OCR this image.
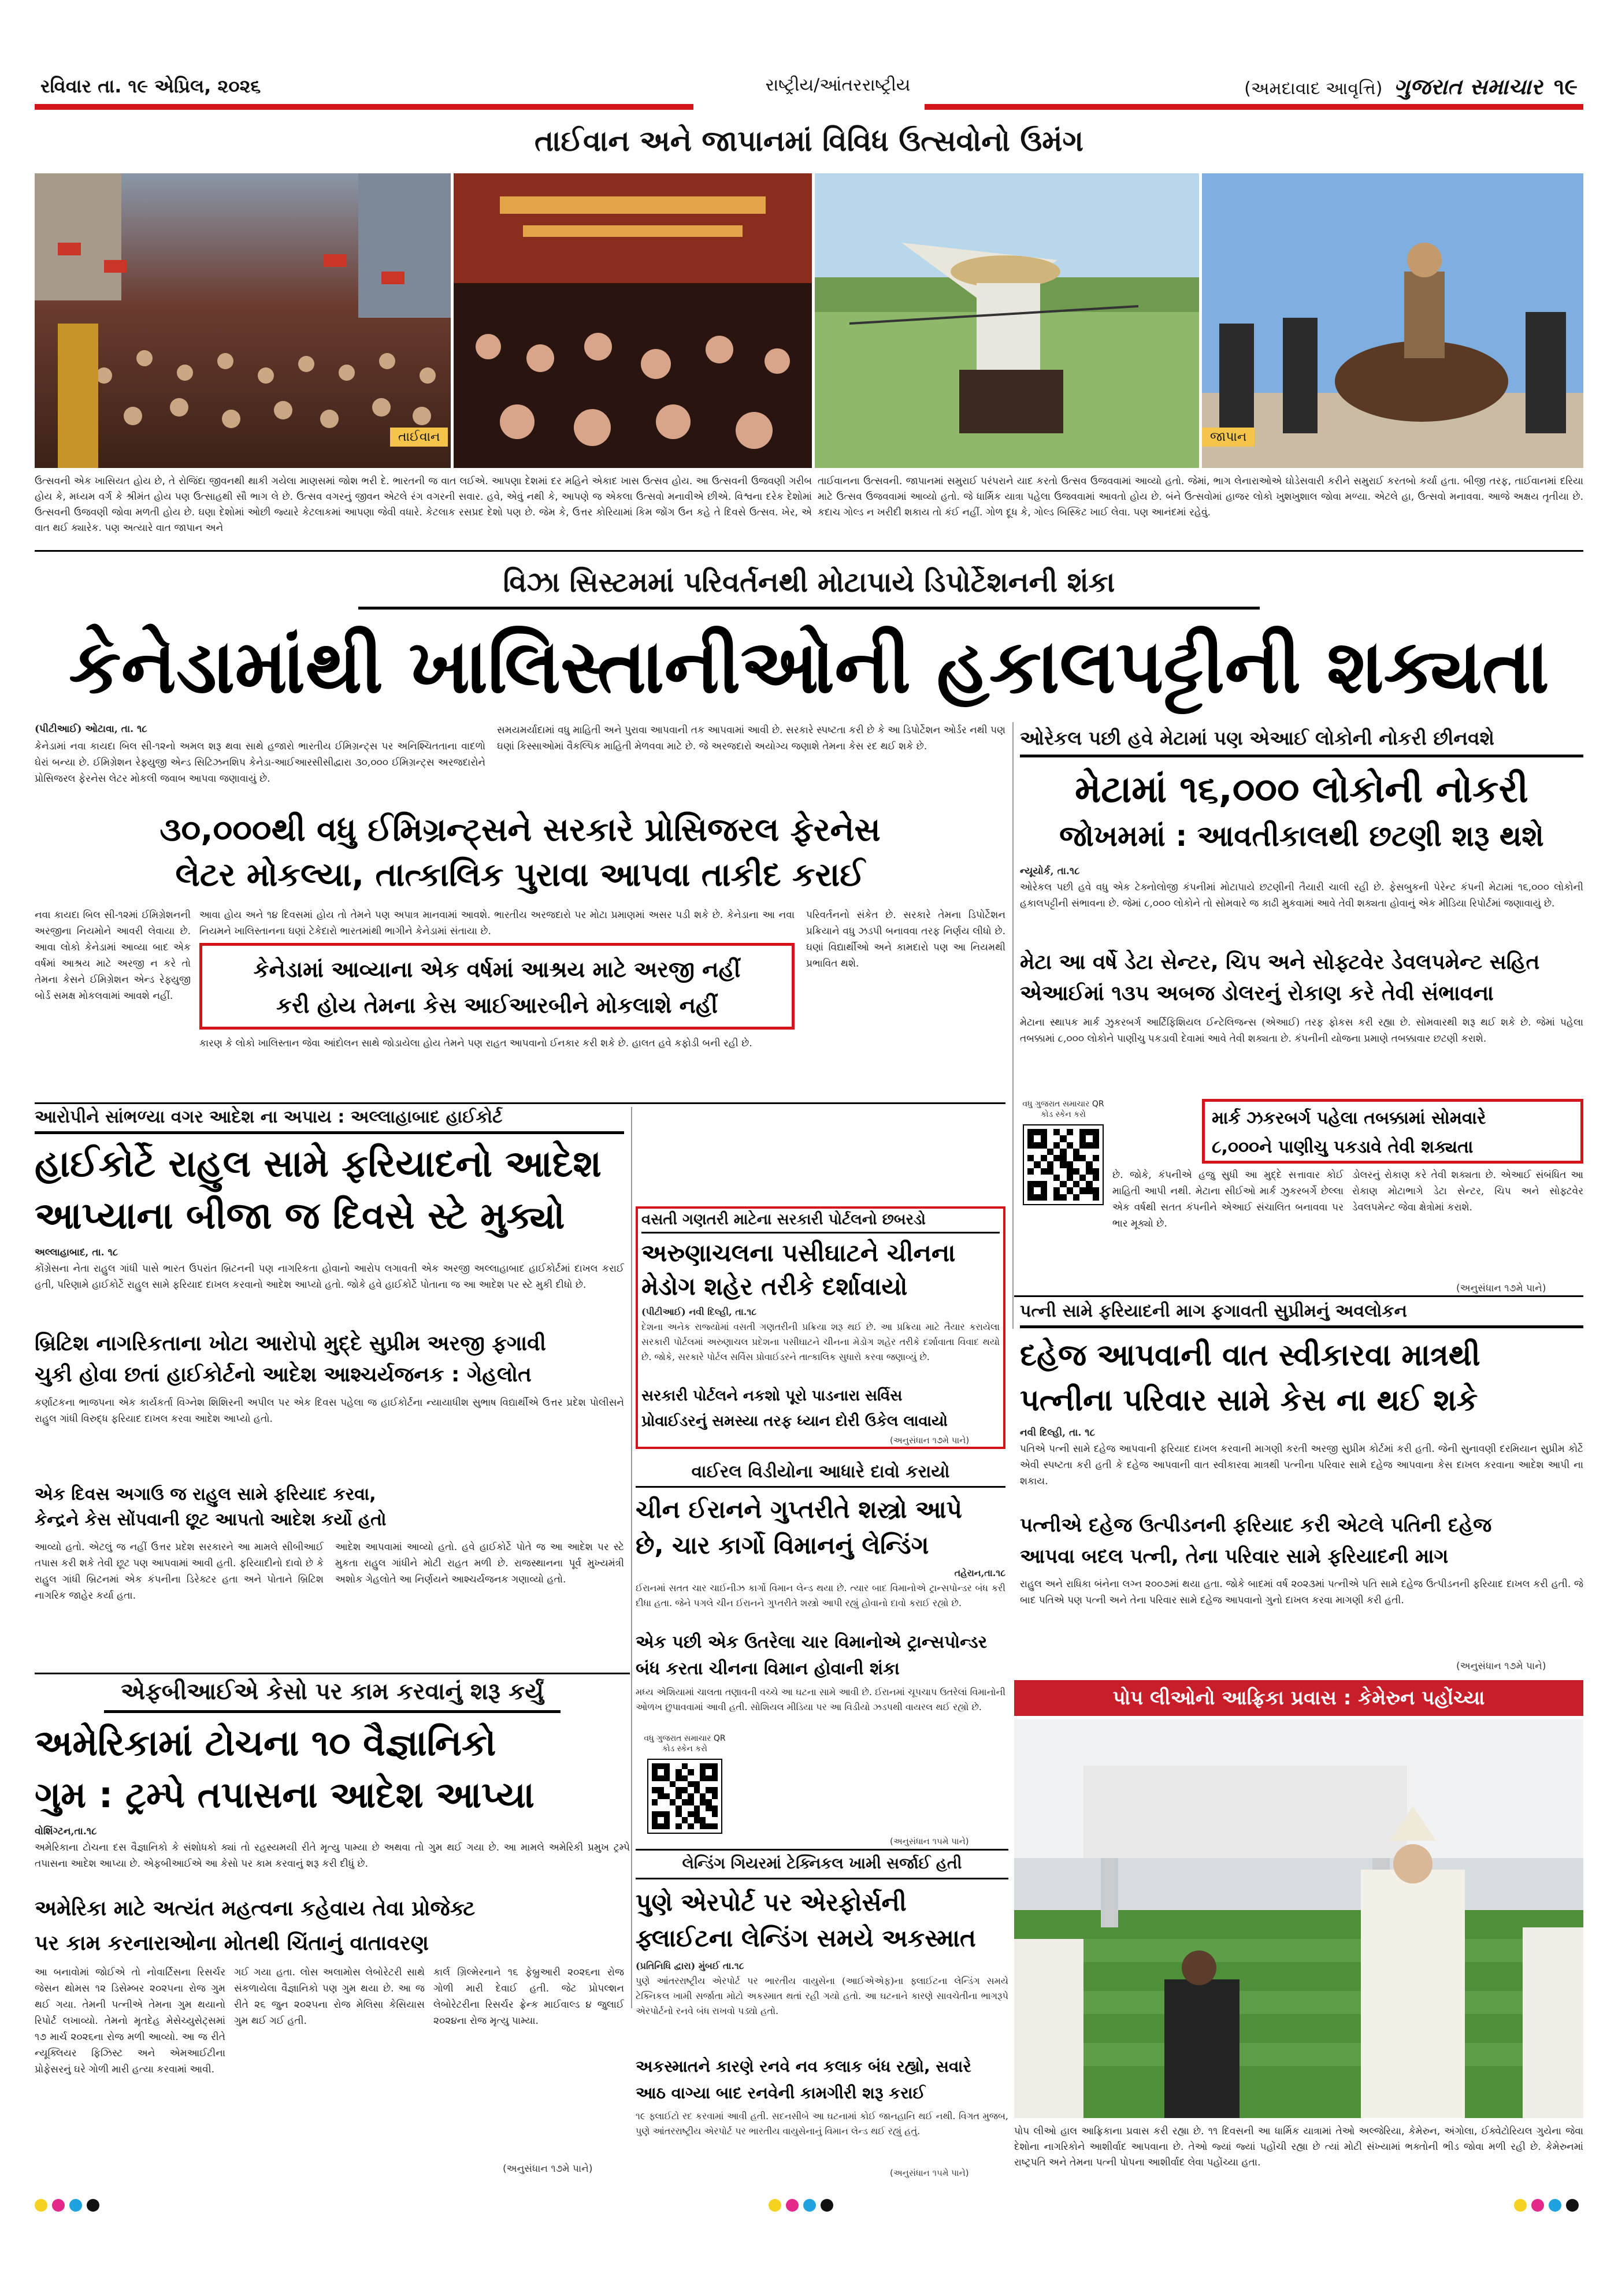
રવિવાર તા. ૧૯ એપ્રિલ, ૨૦૨૬	રાષ્ટ્રીય/આંતરરાષ્ટ્રીય	(અમદાવાદ આવૃત્તિ) ગુજરાત સમાચાર ૧૯
તાઈવાન અને જાપાનમાં વિવિધ ઉત્સવોનો ઉમંગ
તાઈવાન	જાપાન
ઉત્સવની એક ખાસિયત હોય છે, તે રોજિંદા જીવનથી થાકી ગયેલા માણસમાં જોશ ભરી દે. ભારતની જ વાત લઈએ. આપણા દેશમાં દર મહિને એકાદ ખાસ ઉત્સવ હોય. આ ઉત્સવની ઉજવણી ગરીબ હોય કે, મધ્યમ વર્ગ કે શ્રીમંત હોય પણ ઉત્સાહથી સૌ ભાગ લે છે. ઉત્સવ વગરનું જીવન એટલે રંગ વગરની સવાર. હવે, એવું નથી કે, આપણે જ એકલા ઉત્સવો મનાવીએ છીએ. વિશ્વના દરેક દેશોમાં ઉત્સવની ઉજવણી જોવા મળતી હોય છે. ઘણા દેશોમાં ઓછી જ્યારે કેટલાકમાં આપણા જેવી વધારે. કેટલાક રસપ્રદ દેશો પણ છે. જેમ કે, ઉત્તર કોરિયામાં કિમ જોંગ ઉન કહે તે દિવસે ઉત્સવ. ખેર, એ વાત થઈ ક્યારેક. પણ અત્યારે વાત જાપાન અને
તાઈવાનના ઉત્સવની. જાપાનમાં સમુરાઈ પરંપરાને યાદ કરતો ઉત્સવ ઉજવવામાં આવ્યો હતો. જેમાં, ભાગ લેનારાઓએ ઘોડેસવારી કરીને સમુરાઈ કરતબો કર્યા હતા. બીજી તરફ, તાઈવાનમાં દરિયા માટે ઉત્સવ ઉજવવામાં આવ્યો હતો. જે ધાર્મિક યાત્રા પહેલા ઉજવવામાં આવતો હોય છે. બંને ઉત્સવોમાં હાજર લોકો ખુશખુશાલ જોવા મળ્યા. એટલે હા, ઉત્સવો મનાવવા. આજે અક્ષય તૃતીયા છે. કદાચ ગોલ્ડ ન ખરીદી શકાય તો કંઈ નહીં. ગોળ દૂધ કે, ગોલ્ડ બિસ્કિટ ખાઈ લેવા. પણ આનંદમાં રહેવું.
વિઝા સિસ્ટમમાં પરિવર્તનથી મોટાપાયે ડિપોર્ટેશનની શંકા
કેનેડામાંથી ખાલિસ્તાનીઓની હકાલપટ્ટીની શક્યતા
(પીટીઆઈ) ઓટાવા, તા. ૧૮
કેનેડામાં નવા કાયદા બિલ સી-૧૨નો અમલ શરૂ થવા સાથે હજારો ભારતીય ઈમિગ્રન્ટ્સ પર અનિશ્ચિતતાના વાદળો ઘેરાં બન્યા છે. ઈમિગ્રેશન રેફ્યુજી એન્ડ સિટિઝનશિપ કેનેડા-આઈઆરસીસીદ્વારા ૩૦,૦૦૦ ઈમિગ્રન્ટ્સ અરજદારોને પ્રોસિજરલ ફેરનેસ લેટર મોકલી જવાબ આપવા જણાવાયું છે.
સમયમર્યાદામાં વધુ માહિતી અને પુરાવા આપવાની તક આપવામાં આવી છે. સરકારે સ્પષ્ટતા કરી છે કે આ ડિપોર્ટેશન ઓર્ડર નથી પણ ઘણાં કિસ્સાઓમાં વૈકલ્પિક માહિતી મેળવવા માટે છે. જે અરજદારો અયોગ્ય જણાશે તેમના કેસ રદ થઈ શકે છે.
૩૦,૦૦૦થી વધુ ઈમિગ્રન્ટ્સને સરકારે પ્રોસિજરલ ફેરનેસ
લેટર મોકલ્યા, તાત્કાલિક પુરાવા આપવા તાકીદ કરાઈ
નવા કાયદા બિલ સી-૧૨માં ઈમિગ્રેશનની અરજીના નિયમોને આવરી લેવાયા છે. આવા લોકો કેનેડામાં આવ્યા બાદ એક વર્ષમાં આશ્રય માટે અરજી ન કરે તો તેમના કેસને ઈમિગ્રેશન એન્ડ રેફ્યુજી બોર્ડ સમક્ષ મોકલવામાં આવશે નહીં.
આવા હોય અને ૧૪ દિવસમાં હોય તો તેમને પણ અપાત્ર માનવામાં આવશે. ભારતીય અરજદારો પર મોટા પ્રમાણમાં અસર પડી શકે છે. કેનેડાના આ નવા નિયમને ખાલિસ્તાનના ઘણાં ટેકેદારો ભારતમાંથી ભાગીને કેનેડામાં સંતાયા છે.
પરિવર્તનનો સંકેત છે. સરકારે તેમના ડિપોર્ટેશન પ્રક્રિયાને વધુ ઝડપી બનાવવા તરફ નિર્ણય લીધો છે. ઘણાં વિદ્યાર્થીઓ અને કામદારો પણ આ નિયમથી પ્રભાવિત થશે.
કેનેડામાં આવ્યાના એક વર્ષમાં આશ્રય માટે અરજી નહીં
કરી હોય તેમના કેસ આઈઆરબીને મોકલાશે નહીં
કારણ કે લોકો ખાલિસ્તાન જેવા આંદોલન સાથે જોડાયેલા હોય તેમને પણ રાહત આપવાનો ઈનકાર કરી શકે છે. હાલત હવે કફોડી બની રહી છે.
ઓરેકલ પછી હવે મેટામાં પણ એઆઈ લોકોની નોકરી છીનવશે
મેટામાં ૧૬,૦૦૦ લોકોની નોકરી
જોખમમાં : આવતીકાલથી છટણી શરૂ થશે
ન્યૂયોર્ક, તા.૧૮
ઓરેકલ પછી હવે વધુ એક ટેક્નોલોજી કંપનીમાં મોટાપાયે છટણીની તૈયારી ચાલી રહી છે. ફેસબુકની પેરેન્ટ કંપની મેટામાં ૧૬,૦૦૦ લોકોની હકાલપટ્ટીની સંભાવના છે. જેમાં ૮,૦૦૦ લોકોને તો સોમવારે જ કાઢી મુકવામાં આવે તેવી શક્યતા હોવાનું એક મીડિયા રિપોર્ટમાં જણાવાયું છે.
મેટા આ વર્ષે ડેટા સેન્ટર, ચિપ અને સોફ્ટવેર ડેવલપમેન્ટ સહિત
એઆઈમાં ૧૩૫ અબજ ડોલરનું રોકાણ કરે તેવી સંભાવના
મેટાના સ્થાપક માર્ક ઝુકરબર્ગ આર્ટિફિશિયલ ઈન્ટેલિજન્સ (એઆઈ) તરફ ફોકસ કરી રહ્યા છે. સોમવારથી શરૂ થઈ શકે છે. જેમાં પહેલા તબક્કામાં ૮,૦૦૦ લોકોને પાણીચુ પકડાવી દેવામાં આવે તેવી શક્યતા છે. કંપનીની યોજના પ્રમાણે તબક્કાવાર છટણી કરાશે.
વધુ ગુજરાત સમાચાર QR કોડ સ્કેન કરો	માર્ક ઝકરબર્ગ પહેલા તબક્કામાં સોમવારે
૮,૦૦૦ને પાણીચુ પકડાવે તેવી શક્યતા
છે. જોકે, કંપનીએ હજુ સુધી આ મુદ્દે સત્તાવાર કોઈ માહિતી આપી નથી. મેટાના સીઈઓ માર્ક ઝુકરબર્ગે છેલ્લા એક વર્ષથી સતત કંપનીને એઆઈ સંચાલિત બનાવવા પર ભાર મૂક્યો છે.
ડોલરનું રોકાણ કરે તેવી શક્યતા છે. એઆઈ સંબંધિત આ રોકાણ મોટાભાગે ડેટા સેન્ટર, ચિપ અને સોફ્ટવેર ડેવલપમેન્ટ જેવા ક્ષેત્રોમાં કરાશે.
(અનુસંધાન ૧૭મે પાને)
આરોપીને સાંભળ્યા વગર આદેશ ના અપાય : અલ્લાહાબાદ હાઈકોર્ટ
હાઈકોર્ટે રાહુલ સામે ફરિયાદનો આદેશ
આપ્યાના બીજા જ દિવસે સ્ટે મુક્યો
અલ્લાહાબાદ, તા. ૧૮
કોંગ્રેસના નેતા રાહુલ ગાંધી પાસે ભારત ઉપરાંત બ્રિટનની પણ નાગરિકતા હોવાનો આરોપ લગાવતી એક અરજી અલ્લાહાબાદ હાઈકોર્ટમાં દાખલ કરાઈ હતી, પરિણામે હાઈકોર્ટે રાહુલ સામે ફરિયાદ દાખલ કરવાનો આદેશ આપ્યો હતો. જોકે હવે હાઈકોર્ટે પોતાના જ આ આદેશ પર સ્ટે મુકી દીધો છે.
બ્રિટિશ નાગરિકતાના ખોટા આરોપો મુદ્દે સુપ્રીમ અરજી ફગાવી
ચુકી હોવા છતાં હાઈકોર્ટનો આદેશ આશ્ચર્યજનક : ગેહલોત
કર્ણાટકના ભાજપના એક કાર્યકર્તા વિગ્નેશ શિશિરની અપીલ પર એક દિવસ પહેલા જ હાઈકોર્ટના ન્યાયાધીશ સુભાષ વિદ્યાર્થીએ ઉત્તર પ્રદેશ પોલીસને રાહુલ ગાંધી વિરુદ્ધ ફરિયાદ દાખલ કરવા આદેશ આપ્યો હતો.
એક દિવસ અગાઉ જ રાહુલ સામે ફરિયાદ કરવા,
કેન્દ્રને કેસ સોંપવાની છૂટ આપતો આદેશ કર્યો હતો
આવ્યો હતો. એટલું જ નહીં ઉત્તર પ્રદેશ સરકારને આ મામલે સીબીઆઈ તપાસ કરી શકે તેવી છૂટ પણ આપવામાં આવી હતી. ફરિયાદીનો દાવો છે કે રાહુલ ગાંધી બ્રિટનમાં એક કંપનીના ડિરેક્ટર હતા અને પોતાને બ્રિટિશ નાગરિક જાહેર કર્યા હતા.
આદેશ આપવામાં આવ્યો હતો. હવે હાઈકોર્ટે પોતે જ આ આદેશ પર સ્ટે મુકતા રાહુલ ગાંધીને મોટી રાહત મળી છે. રાજસ્થાનના પૂર્વ મુખ્યમંત્રી અશોક ગેહલોતે આ નિર્ણયને આશ્ચર્યજનક ગણાવ્યો હતો.
વસતી ગણતરી માટેના સરકારી પોર્ટલનો છબરડો
અરુણાચલના પસીઘાટને ચીનના
મેડોગ શહેર તરીકે દર્શાવાયો
(પીટીઆઈ) નવી દિલ્હી, તા.૧૮
દેશના અનેક રાજ્યોમાં વસતી ગણતરીની પ્રક્રિયા શરૂ થઈ છે. આ પ્રક્રિયા માટે તૈયાર કરાયેલા સરકારી પોર્ટલમાં અરુણાચલ પ્રદેશના પસીઘાટને ચીનના મેડોગ શહેર તરીકે દર્શાવાતા વિવાદ થયો છે. જોકે, સરકારે પોર્ટલ સર્વિસ પ્રોવાઈડરને તાત્કાલિક સુધારો કરવા જણાવ્યું છે.
સરકારી પોર્ટલને નકશો પૂરો પાડનારા સર્વિસ
પ્રોવાઈડરનું સમસ્યા તરફ ધ્યાન દોરી ઉકેલ લાવાયો
(અનુસંધાન ૧૭મે પાને)
વાઈરલ વિડીયોના આધારે દાવો કરાયો
ચીન ઈરાનને ગુપ્તરીતે શસ્ત્રો આપે
છે, ચાર કાર્ગો વિમાનનું લેન્ડિંગ
તહેરાન,તા.૧૮
ઈરાનમાં સતત ચાર ચાઈનીઝ કાર્ગો વિમાન લેન્ડ થયા છે. ત્યાર બાદ વિમાનોએ ટ્રાન્સપોન્ડર બંધ કરી દીધા હતા. જેને પગલે ચીન ઈરાનને ગુપ્તરીતે શસ્ત્રો આપી રહ્યું હોવાનો દાવો કરાઈ રહ્યો છે.
એક પછી એક ઉતરેલા ચાર વિમાનોએ ટ્રાન્સપોન્ડર
બંધ કરતા ચીનના વિમાન હોવાની શંકા
મધ્ય એશિયામાં ચાલતા તણાવની વચ્ચે આ ઘટના સામે આવી છે. ઈરાનમાં ચૂપચાપ ઉતરેલાં વિમાનોની ઓળખ છુપાવવામાં આવી હતી. સોશિયલ મીડિયા પર આ વિડીયો ઝડપથી વાયરલ થઈ રહ્યો છે.
વધુ ગુજરાત સમાચાર QR કોડ સ્કેન કરો
(અનુસંધાન ૧૫મે પાને)
પત્ની સામે ફરિયાદની માગ ફગાવતી સુપ્રીમનું અવલોકન
દહેજ આપવાની વાત સ્વીકારવા માત્રથી
પત્નીના પરિવાર સામે કેસ ના થઈ શકે
નવી દિલ્હી, તા. ૧૮
પતિએ પત્ની સામે દહેજ આપવાની ફરિયાદ દાખલ કરવાની માગણી કરતી અરજી સુપ્રીમ કોર્ટમાં કરી હતી. જેની સુનાવણી દરમિયાન સુપ્રીમ કોર્ટે એવી સ્પષ્ટતા કરી હતી કે દહેજ આપવાની વાત સ્વીકારવા માત્રથી પત્નીના પરિવાર સામે દહેજ આપવાના કેસ દાખલ કરવાના આદેશ આપી ના શકાય.
પત્નીએ દહેજ ઉત્પીડનની ફરિયાદ કરી એટલે પતિની દહેજ
આપવા બદલ પત્ની, તેના પરિવાર સામે ફરિયાદની માગ
રાહુલ અને રાધિકા બંનેના લગ્ન ૨૦૦૭માં થયા હતા. જોકે બાદમાં વર્ષ ૨૦૨૩માં પત્નીએ પતિ સામે દહેજ ઉત્પીડનની ફરિયાદ દાખલ કરી હતી. જે બાદ પતિએ પણ પત્ની અને તેના પરિવાર સામે દહેજ આપવાનો ગુનો દાખલ કરવા માગણી કરી હતી.
(અનુસંધાન ૧૭મે પાને)
પોપ લીઓનો આફ્રિકા પ્રવાસ : કેમેરુન પહોંચ્યા
પોપ લીઓ હાલ આફ્રિકાના પ્રવાસ કરી રહ્યા છે. ૧૧ દિવસની આ ધાર્મિક યાત્રામાં તેઓ અલ્જેરિયા, કેમેરુન, અંગોલા, ઈક્વેટોરિયલ ગુયેના જેવા દેશોના નાગરિકોને આશીર્વાદ આપવાના છે. તેઓ જ્યાં જ્યાં પહોંચી રહ્યા છે ત્યાં મોટી સંખ્યામાં ભક્તોની ભીડ જોવા મળી રહી છે. કેમેરુનમાં રાષ્ટ્રપતિ અને તેમના પત્ની પોપના આશીર્વાદ લેવા પહોંચ્યા હતા.
એફબીઆઈએ કેસો પર કામ કરવાનું શરૂ કર્યું
અમેરિકામાં ટોચના ૧૦ વૈજ્ઞાનિકો
ગુમ : ટ્રમ્પે તપાસના આદેશ આપ્યા
વોશિંગ્ટન,તા.૧૮
અમેરિકાના ટોચના દસ વૈજ્ઞાનિકો કે સંશોધકો ક્યાં તો રહસ્યમયી રીતે મૃત્યુ પામ્યા છે અથવા તો ગુમ થઈ ગયા છે. આ મામલે અમેરિકી પ્રમુખ ટ્રમ્પે તપાસના આદેશ આપ્યા છે. એફબીઆઈએ આ કેસો પર કામ કરવાનું શરૂ કરી દીધું છે.
અમેરિકા માટે અત્યંત મહત્વના કહેવાય તેવા પ્રોજેક્ટ
પર કામ કરનારાઓના મોતથી ચિંતાનું વાતાવરણ
આ બનાવોમાં જોઈએ તો નોવાર્ટિસના રિસર્ચર જેસન થોમસ ૧૨ ડિસેમ્બર ૨૦૨૫ના રોજ ગુમ થઈ ગયા. તેમની પત્નીએ તેમના ગુમ થયાનો રિપોર્ટ લખાવ્યો. તેમનો મૃતદેહ મેસેચ્યુસેટ્સમાં ૧૭ માર્ચ ૨૦૨૬ના રોજ મળી આવ્યો. આ જ રીતે ન્યૂક્લિયર ફિઝિસ્ટ અને એમઆઈટીના પ્રોફેસરનું ઘરે ગોળી મારી હત્યા કરવામાં આવી.
ગઈ ગયા હતા. લોસ અલામોસ લેબોરેટરી સાથે સંકળાયેલા વૈજ્ઞાનિકો પણ ગુમ થયા છે. આ જ રીતે ૨૬ જુન ૨૦૨૫ના રોજ મેલિસા કેસિયાસ ગુમ થઈ ગઈ હતી.
કાર્લ ગ્રિલ્મેરનાને ૧૬ ફેબ્રુઆરી ૨૦૨૬ના રોજ ગોળી મારી દેવાઈ હતી. જેટ પ્રોપલ્શન લેબોરેટરીના રિસર્ચર ફ્રેન્ક માઈવાલ્ડ ૪ જુલાઈ ૨૦૨૪ના રોજ મૃત્યુ પામ્યા.
(અનુસંધાન ૧૭મે પાને)
લેન્ડિંગ ગિયરમાં ટેક્નિકલ ખામી સર્જાઈ હતી
પુણે એરપોર્ટ પર એરફોર્સની
ફ્લાઈટના લેન્ડિંગ સમયે અકસ્માત
(પ્રતિનિધિ દ્વારા) મુંબઈ તા.૧૮
પુણે આંતરરાષ્ટ્રીય એરપોર્ટ પર ભારતીય વાયુસેના (આઈએએફ)ના ફ્લાઈટના લેન્ડિંગ સમયે ટેક્નિકલ ખામી સર્જાતા મોટો અકસ્માત થતાં રહી ગયો હતો. આ ઘટનાને કારણે સાવચેતીના ભાગરૂપે એરપોર્ટનો રનવે બંધ રાખવો પડ્યો હતો.
અકસ્માતને કારણે રનવે નવ કલાક બંધ રહ્યો, સવારે
આઠ વાગ્યા બાદ રનવેની કામગીરી શરૂ કરાઈ
૧૯ ફ્લાઈટો રદ કરવામાં આવી હતી. સદનસીબે આ ઘટનામાં કોઈ જાનહાનિ થઈ નથી. વિગત મુજબ, પુણે આંતરરાષ્ટ્રીય એરપોર્ટ પર ભારતીય વાયુસેનાનું વિમાન લેન્ડ થઈ રહ્યું હતું.
(અનુસંધાન ૧૫મે પાને)
